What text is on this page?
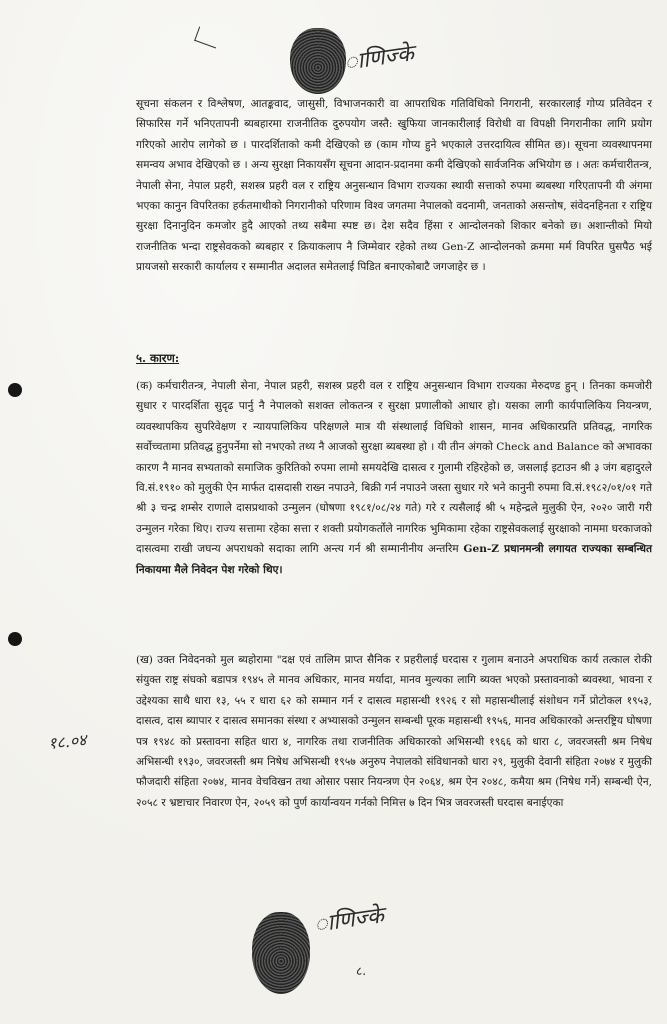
ाणिज्के

सूचना संकलन र विश्लेषण, आतङ्कवाद, जासुसी, विभाजनकारी वा आपराधिक गतिविधिको निगरानी, सरकारलाई गोप्य प्रतिवेदन र सिफारिस गर्ने भनिएतापनी ब्यबहारमा राजनीतिक दुरुपयोग जस्तै: खुफिया जानकारीलाई विरोधी वा विपक्षी निगरानीका लागि प्रयोग गरिएको आरोप लागेको छ । पारदर्शिताको कमी देखिएको छ (काम गोप्य हुने भएकाले उत्तरदायित्व सीमित छ)। सूचना व्यवस्थापनमा समन्वय अभाव देखिएको छ । अन्य सुरक्षा निकायसँग सूचना आदान-प्रदानमा कमी देखिएको सार्वजनिक अभियोग छ । अतः कर्मचारीतन्त्र, नेपाली सेना, नेपाल प्रहरी, सशस्त्र प्रहरी वल र राष्ट्रिय अनुसन्धान विभाग राज्यका स्थायी सत्ताको रुपमा ब्यबस्था गरिएतापनी यी अंगमा भएका कानुन विपरितका हर्कतमाथीको निगरानीको परिणाम विश्व जगतमा नेपालको वदनामी, जनताको असन्तोष, संवेदनहिनता र राष्ट्रिय सुरक्षा दिनानुदिन कमजोर हुदै आएको तथ्य सबैमा स्पष्ट छ। देश सदैव हिंसा र आन्दोलनको शिकार बनेको छ। अशान्तीको मियो राजनीतिक भन्दा राष्ट्रसेवकको ब्यबहार र क्रियाकलाप नै जिम्मेवार रहेको तथ्य Gen-Z आन्दोलनको क्रममा मर्म विपरित घुसपैठ भई प्रायजसो सरकारी कार्यालय र सम्मानीत अदालत समेतलाई पिडित बनाएकोबाटै जगजाहेर छ ।

५. कारण:

(क) कर्मचारीतन्त्र, नेपाली सेना, नेपाल प्रहरी, सशस्त्र प्रहरी वल र राष्ट्रिय अनुसन्धान विभाग राज्यका मेरुदण्ड हुन् । तिनका कमजोरी सुधार र पारदर्शिता सुदृढ पार्नु नै नेपालको सशक्त लोकतन्त्र र सुरक्षा प्रणालीको आधार हो। यसका लागी कार्यपालिकिय नियन्त्रण, व्यवस्थापकिय सुपरिवेक्षण र न्यायपालिकिय परिक्षणले मात्र यी संस्थालाई विधिको शासन, मानव अधिकारप्रति प्रतिवद्ध, नागरिक सर्वोच्चतामा प्रतिवद्ध हुनुपर्नेमा सो नभएको तथ्य नै आजको सुरक्षा ब्यबस्था हो । यी तीन अंगको Check and Balance को अभावका कारण नै मानव सभ्यताको समाजिक कुरितिको रुपमा लामो समयदेखि दासत्व र गुलामी रहिरहेको छ, जसलाई इटाउन श्री ३ जंग बहादुरले वि.सं.१९१० को मुलुकी ऐन मार्फत दासदासी राख्न नपाउने, बिक्री गर्न नपाउने जस्ता सुधार गरे भने कानुनी रुपमा वि.सं.१९८२/०१/०१ गते श्री ३ चन्द्र शम्सेर राणाले दासप्रथाको उन्मुलन (घोषणा १९८१/०८/२४ गते) गरे र त्यसैलाई श्री ५ महेन्द्रले मुलुकी ऐन, २०२० जारी गरी उन्मुलन गरेका थिए। राज्य सत्तामा रहेका सत्ता र शक्ती प्रयोगकर्तोले नागरिक भुमिकामा रहेका राष्ट्रसेवकलाई सुरक्षाको नाममा घरकाजको दासत्वमा राखी जघन्य अपराधको सदाका लागि अन्त्य गर्न श्री सम्मानीनीय अन्तरिम Gen-Z प्रधानमन्त्री लगायत राज्यका सम्बन्धित निकायमा मैले निवेदन पेश गरेको थिए।

(ख) उक्त निवेदनको मुल ब्यहोरामा "दक्ष एवं तालिम प्राप्त सैनिक र प्रहरीलाई घरदास र गुलाम बनाउने अपराधिक कार्य तत्काल रोकी संयुक्त राष्ट्र संघको बडापत्र १९४५ ले मानव अधिकार, मानव मर्यादा, मानव मुल्यका लागि ब्यक्त भएको प्रस्तावनाको ब्यवस्था, भावना र उद्देश्यका साथै धारा १३, ५५ र धारा ६२ को सम्मान गर्न र दासत्व महासन्धी १९२६ र सो महासन्धीलाई संशोधन गर्ने प्रोटोकल १९५३, दासत्व, दास ब्यापार र दासत्व समानका संस्था र अभ्यासको उन्मुलन सम्बन्धी पूरक महासन्धी १९५६, मानव अधिकारको अन्तरष्ट्रिय घोषणा पत्र १९४८ को प्रस्तावना सहित धारा ४, नागरिक तथा राजनीतिक अधिकारको अभिसन्धी १९६६ को धारा ८, जवरजस्ती श्रम निषेध अभिसन्धी १९३०, जवरजस्ती श्रम निषेध अभिसन्धी १९५७ अनुरुप नेपालको संविधानको धारा २९, मुलुकी देवानी संहिता २०७४ र मुलुकी फौजदारी संहिता २०७४, मानव वेचविखन तथा ओसार पसार नियन्त्रण ऐन २०६४, श्रम ऐन २०४८, कमैया श्रम (निषेध गर्ने) सम्बन्धी ऐन, २०५८ र भ्रष्टाचार निवारण ऐन, २०५९ को पुर्ण कार्यान्वयन गर्नको निमित्त ७ दिन भित्र जवरजस्ती घरदास बनाईएका

१८.०४
ाणिज्के
८.
